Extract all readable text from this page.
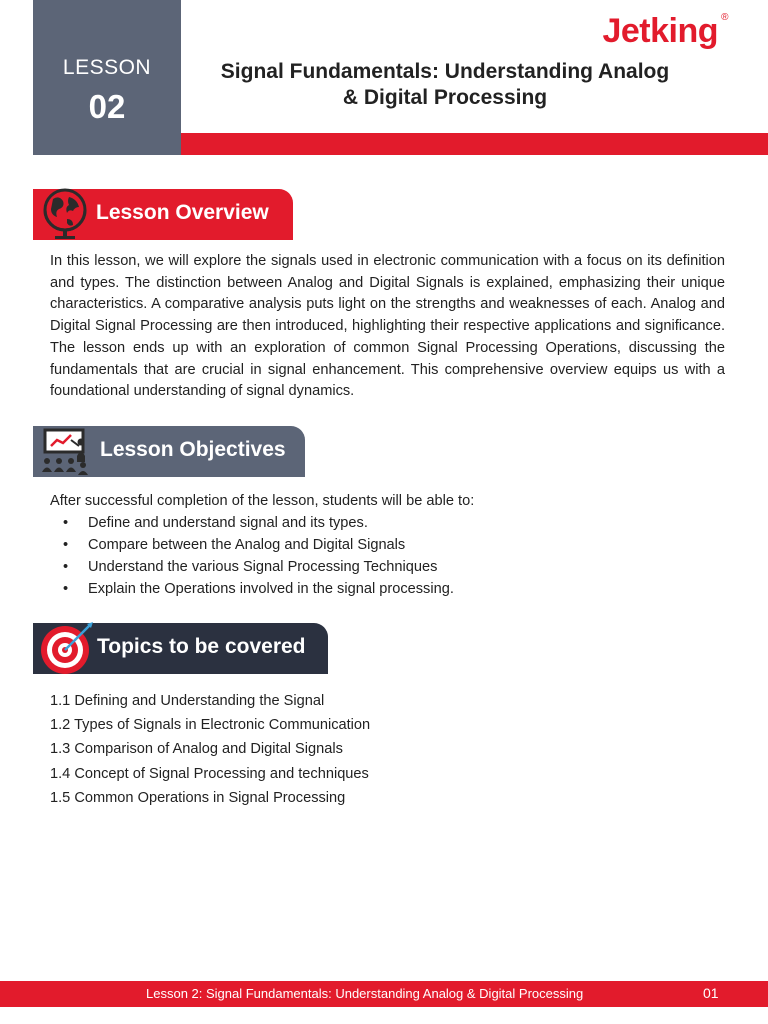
LESSON
02
Jetking ®
Signal Fundamentals: Understanding Analog
& Digital Processing
Lesson Overview

In this lesson, we will explore the signals used in electronic communication with a focus on its definition and types. The distinction between Analog and Digital Signals is explained, emphasizing their unique characteristics. A comparative analysis puts light on the strengths and weaknesses of each. Analog and Digital Signal Processing are then introduced, highlighting their respective applications and significance. The lesson ends up with an exploration of common Signal Processing Operations, discussing the fundamentals that are crucial in signal enhancement. This comprehensive overview equips us with a foundational understanding of signal dynamics.

Lesson Objectives
After successful completion of the lesson, students will be able to:
• Define and understand signal and its types.
• Compare between the Analog and Digital Signals
• Understand the various Signal Processing Techniques
• Explain the Operations involved in the signal processing.
Topics to be covered
1.1 Defining and Understanding the Signal
1.2 Types of Signals in Electronic Communication
1.3 Comparison of Analog and Digital Signals
1.4 Concept of Signal Processing and techniques
1.5 Common Operations in Signal Processing
Lesson 2: Signal Fundamentals: Understanding Analog & Digital Processing	01
